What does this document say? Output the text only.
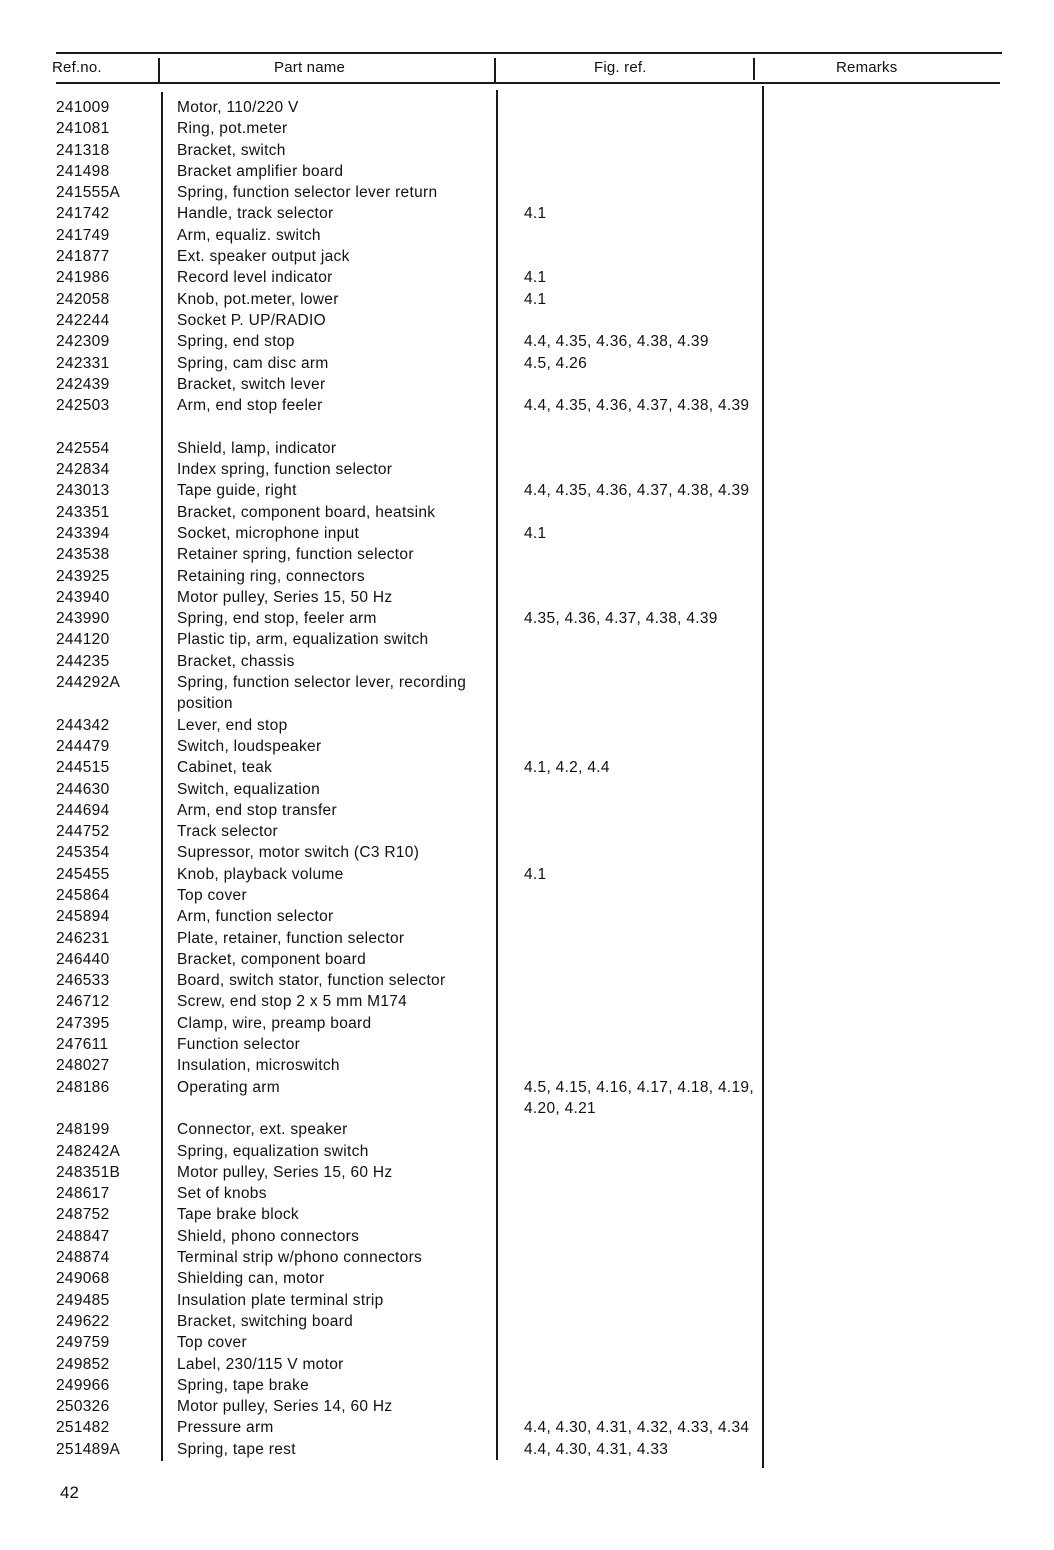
Ref.no.	Part name	Fig. ref.	Remarks
241009	Motor, 110/220 V
241081	Ring, pot.meter
241318	Bracket, switch
241498	Bracket amplifier board
241555A	Spring, function selector lever return
241742	Handle, track selector	4.1
241749	Arm, equaliz. switch
241877	Ext. speaker output jack
241986	Record level indicator	4.1
242058	Knob, pot.meter, lower	4.1
242244	Socket P. UP/RADIO
242309	Spring, end stop	4.4, 4.35, 4.36, 4.38, 4.39
242331	Spring, cam disc arm	4.5, 4.26
242439	Bracket, switch lever
242503	Arm, end stop feeler	4.4, 4.35, 4.36, 4.37, 4.38, 4.39
242554	Shield, lamp, indicator
242834	Index spring, function selector
243013	Tape guide, right	4.4, 4.35, 4.36, 4.37, 4.38, 4.39
243351	Bracket, component board, heatsink
243394	Socket, microphone input	4.1
243538	Retainer spring, function selector
243925	Retaining ring, connectors
243940	Motor pulley, Series 15, 50 Hz
243990	Spring, end stop, feeler arm	4.35, 4.36, 4.37, 4.38, 4.39
244120	Plastic tip, arm, equalization switch
244235	Bracket, chassis
244292A	Spring, function selector lever, recording position
244342	Lever, end stop
244479	Switch, loudspeaker
244515	Cabinet, teak	4.1, 4.2, 4.4
244630	Switch, equalization
244694	Arm, end stop transfer
244752	Track selector
245354	Supressor, motor switch (C3 R10)
245455	Knob, playback volume	4.1
245864	Top cover
245894	Arm, function selector
246231	Plate, retainer, function selector
246440	Bracket, component board
246533	Board, switch stator, function selector
246712	Screw, end stop 2 x 5 mm M174
247395	Clamp, wire, preamp board
247611	Function selector
248027	Insulation, microswitch
248186	Operating arm	4.5, 4.15, 4.16, 4.17, 4.18, 4.19, 4.20, 4.21
248199	Connector, ext. speaker
248242A	Spring, equalization switch
248351B	Motor pulley, Series 15, 60 Hz
248617	Set of knobs
248752	Tape brake block
248847	Shield, phono connectors
248874	Terminal strip w/phono connectors
249068	Shielding can, motor
249485	Insulation plate terminal strip
249622	Bracket, switching board
249759	Top cover
249852	Label, 230/115 V motor
249966	Spring, tape brake
250326	Motor pulley, Series 14, 60 Hz
251482	Pressure arm	4.4, 4.30, 4.31, 4.32, 4.33, 4.34
251489A	Spring, tape rest	4.4, 4.30, 4.31, 4.33
42
